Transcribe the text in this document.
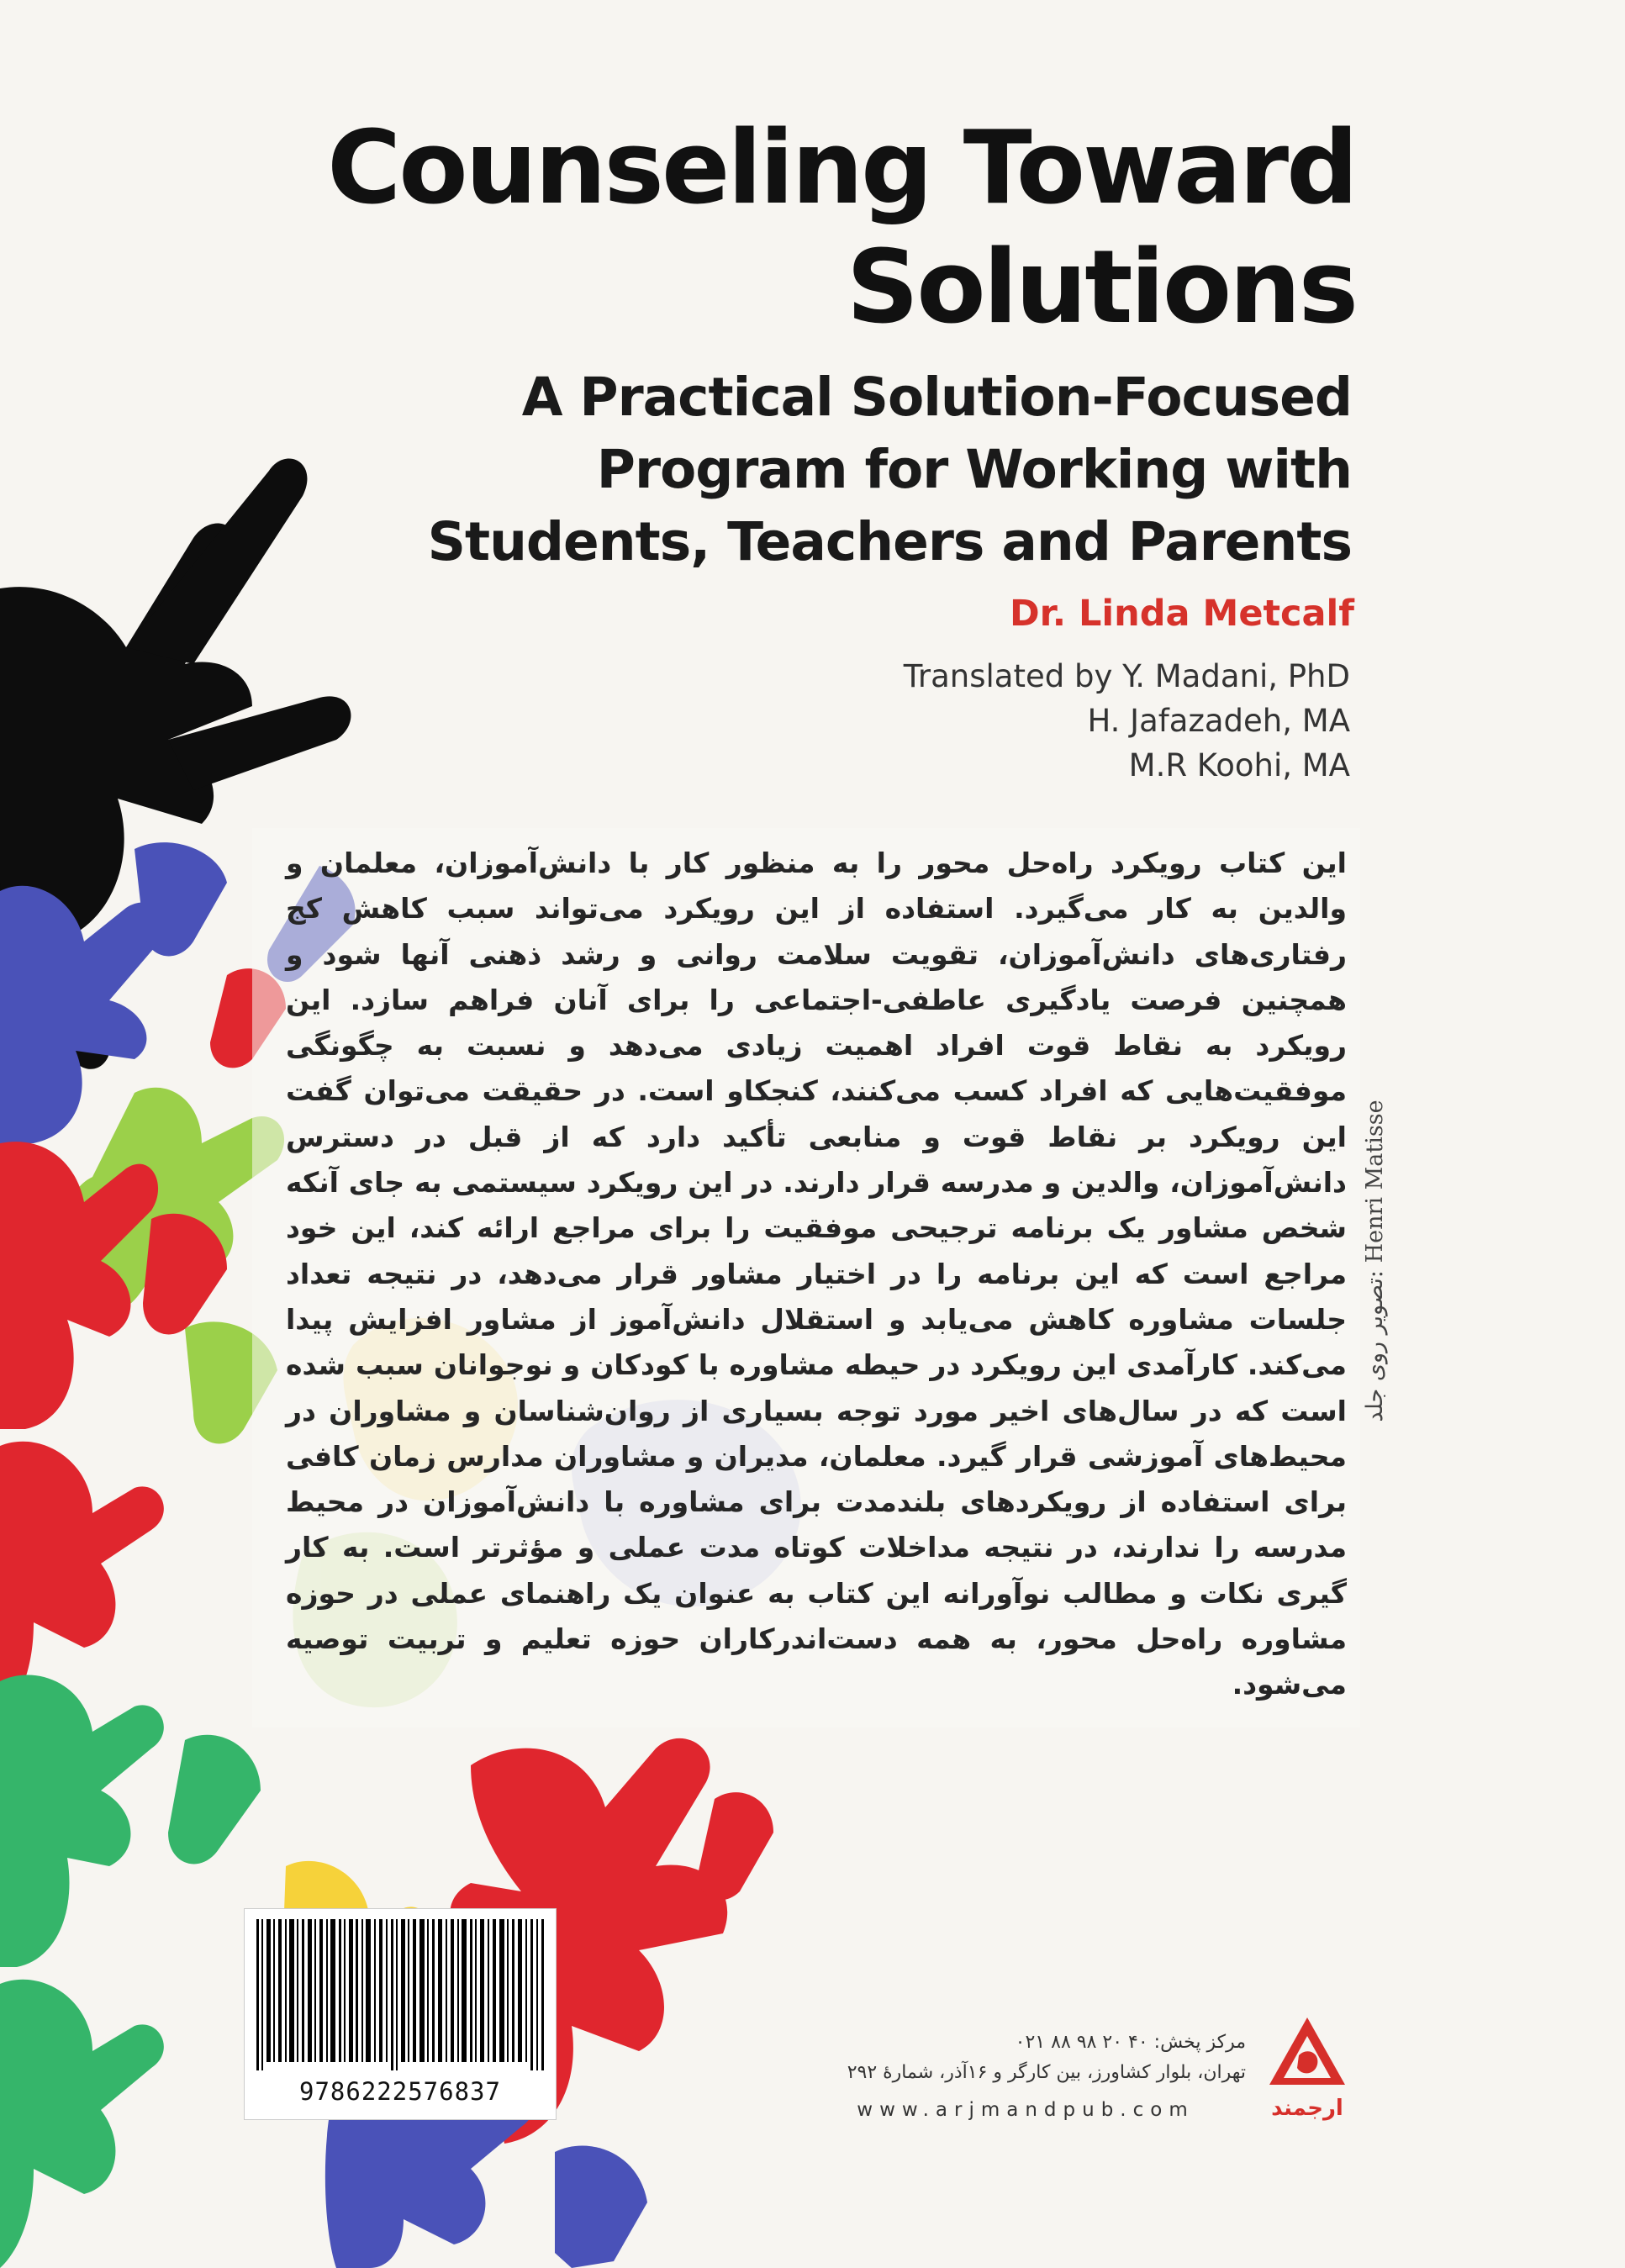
Counseling Toward
Solutions
A Practical Solution-Focused
Program for Working with
Students, Teachers and Parents
Dr. Linda Metcalf
Translated by Y. Madani, PhD
H. Jafazadeh, MA
M.R Koohi, MA

این کتاب رویکرد راه‌حل محور را به منظور کار با دانش‌آموزان، معلمان و والدین به کار می‌گیرد. استفاده از این رویکرد می‌تواند سبب کاهش کج رفتاری‌های دانش‌آموزان، تقویت سلامت روانی و رشد ذهنی آنها شود و همچنین فرصت یادگیری عاطفی-اجتماعی را برای آنان فراهم سازد. این رویکرد به نقاط قوت افراد اهمیت زیادی می‌دهد و نسبت به چگونگی موفقیت‌هایی که افراد کسب می‌کنند، کنجکاو است. در حقیقت می‌توان گفت این رویکرد بر نقاط قوت و منابعی تأکید دارد که از قبل در دسترس دانش‌آموزان، والدین و مدرسه قرار دارند. در این رویکرد سیستمی به جای آنکه شخص مشاور یک برنامه ترجیحی موفقیت را برای مراجع ارائه کند، این خود مراجع است که این برنامه را در اختیار مشاور قرار می‌دهد، در نتیجه تعداد جلسات مشاوره کاهش می‌یابد و استقلال دانش‌آموز از مشاور افزایش پیدا می‌کند. کارآمدی این رویکرد در حیطه مشاوره با کودکان و نوجوانان سبب شده است که در سال‌های اخیر مورد توجه بسیاری از روان‌شناسان و مشاوران در محیط‌های آموزشی قرار گیرد. معلمان، مدیران و مشاوران مدارس زمان کافی برای استفاده از رویکردهای بلندمدت برای مشاوره با دانش‌آموزان در محیط مدرسه را ندارند، در نتیجه مداخلات کوتاه مدت عملی و مؤثرتر است. به کار گیری نکات و مطالب نوآورانه این کتاب به عنوان یک راهنمای عملی در حوزه مشاوره راه‌حل محور، به همه دست‌اندرکاران حوزه تعلیم و تربیت توصیه می‌شود.

تصویر روی جلد: Henri Matisse
9786222576837
مرکز پخش: ۴۰ ۲۰ ۹۸ ۸۸ ۰۲۱
تهران، بلوار کشاورز، بین کارگر و ۱۶آذر، شمارهٔ ۲۹۲
www.arjmandpub.com	ارجمند
